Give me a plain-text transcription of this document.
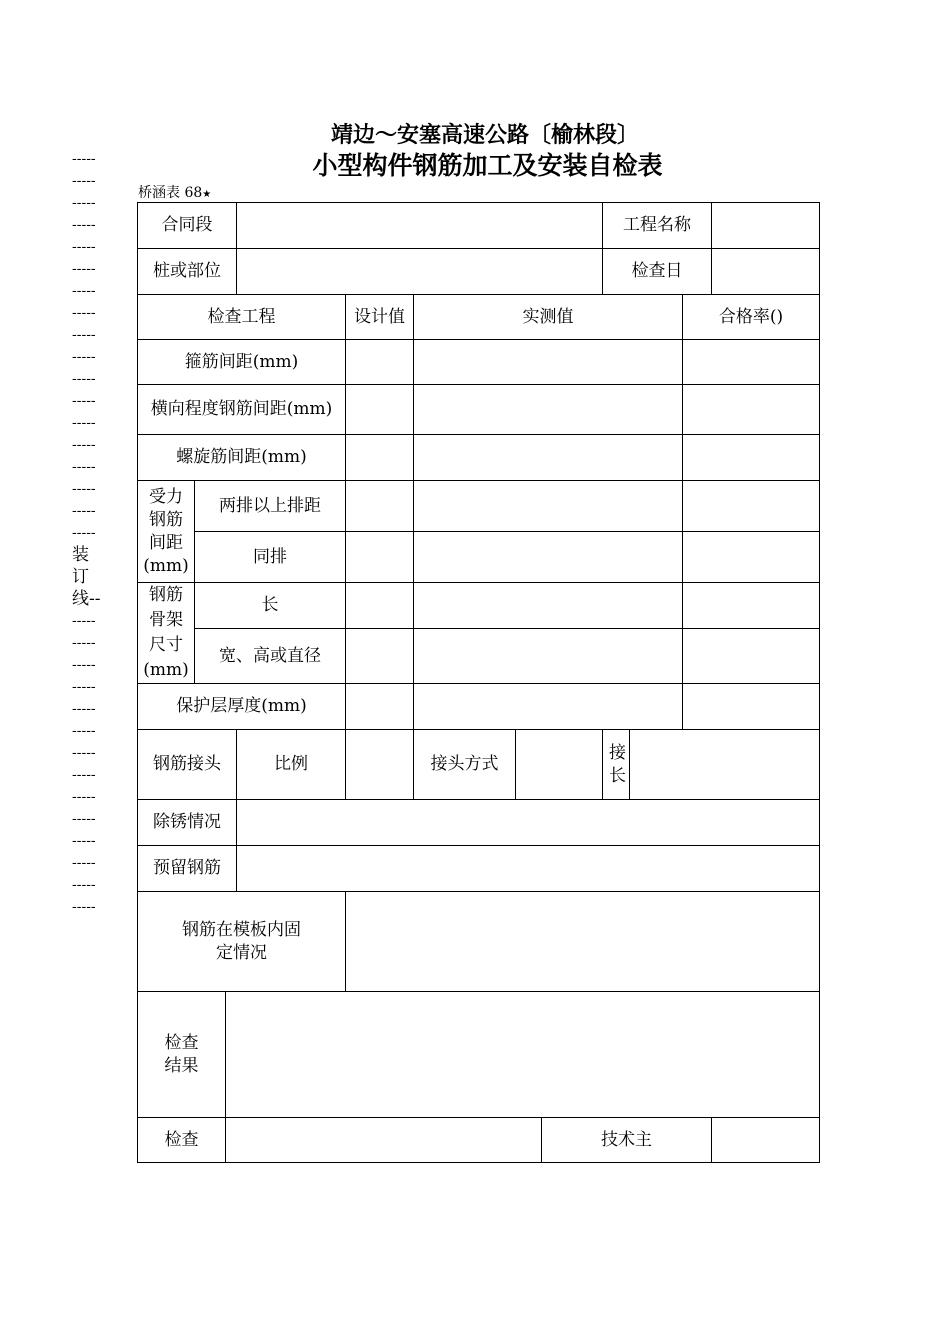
靖边～安塞高速公路〔榆林段〕
小型构件钢筋加工及安装自检表
桥涵表 68★
-----
-----
-----
-----
-----
-----
-----
-----
-----
-----
-----
-----
-----
-----
-----
-----
-----
-----
装
订
线--
-----
-----
-----
-----
-----
-----
-----
-----
-----
-----
-----
-----
-----
-----
合同段								工程名称			
桩或部位								检查日			
检查工程				设计值	实测值					合格率()	
箍筋间距(mm)											
横向程度钢筋间距(mm)											
螺旋筋间距(mm)											
受力钢筋间距(mm)	两排以上排距										
	同排										
钢筋骨架尺寸(mm)	长										
	宽、高或直径										
保护层厚度(mm)											
钢筋接头			比例		接头方式			接长			
除锈情况											
预留钢筋											
钢筋在模板内固定情况											
检查结果											
检查							技术主				
